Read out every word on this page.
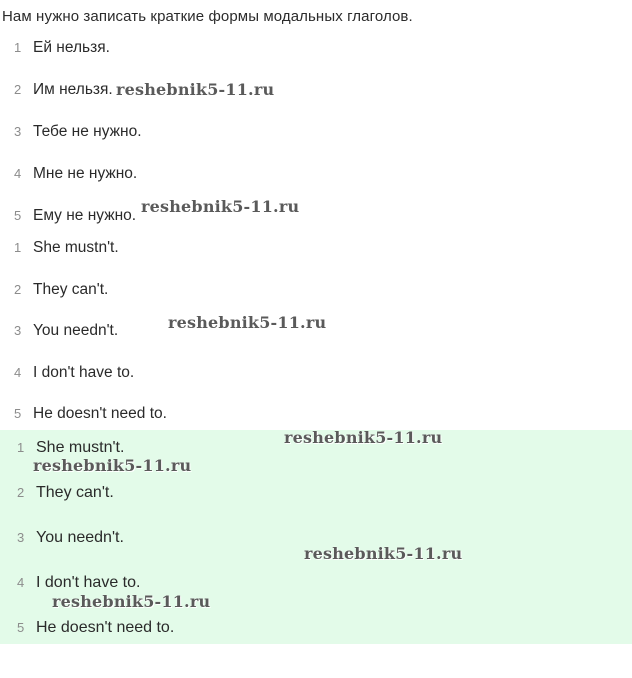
Нам нужно записать краткие формы модальных глаголов.
1 Ей нельзя.
2 Им нельзя.
3 Тебе не нужно.
4 Мне не нужно.
5 Ему не нужно.
1 She mustn't.
2 They can't.
3 You needn't.
4 I don't have to.
5 He doesn't need to.
1 She mustn't.
2 They can't.
3 You needn't.
4 I don't have to.
5 He doesn't need to.
reshebnik5-11.ru
reshebnik5-11.ru
reshebnik5-11.ru
reshebnik5-11.ru
reshebnik5-11.ru
reshebnik5-11.ru
reshebnik5-11.ru
